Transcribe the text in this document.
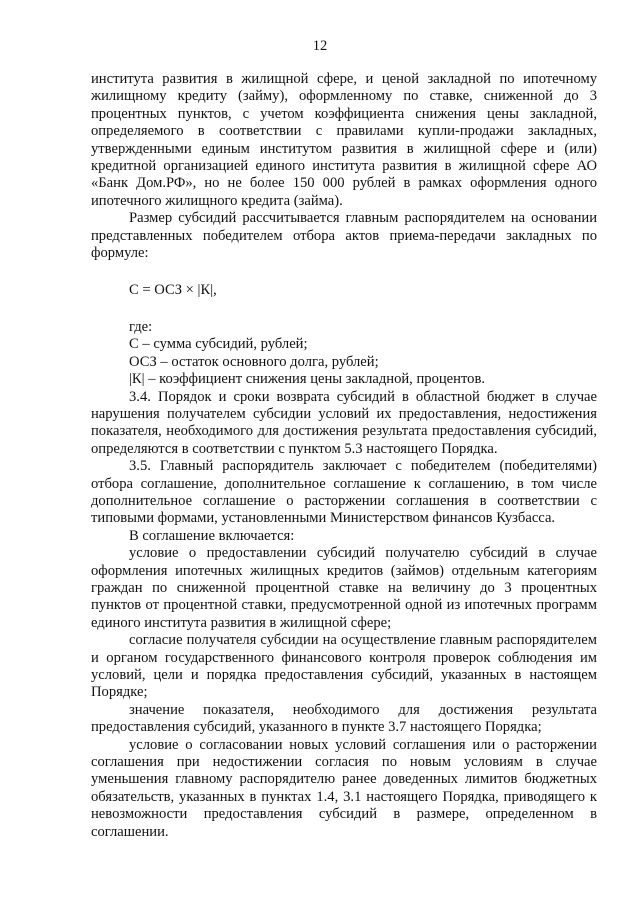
12

института развития в жилищной сфере, и ценой закладной по ипотечному жилищному кредиту (займу), оформленному по ставке, сниженной до 3 процентных пунктов, с учетом коэффициента снижения цены закладной, определяемого в соответствии с правилами купли-продажи закладных, утвержденными единым институтом развития в жилищной сфере и (или) кредитной организацией единого института развития в жилищной сфере АО «Банк Дом.РФ», но не более 150 000 рублей в рамках оформления одного ипотечного жилищного кредита (займа).

Размер субсидий рассчитывается главным распорядителем на основании представленных победителем отбора актов приема-передачи закладных по формуле:

С = ОСЗ × |К|,

где:

С – сумма субсидий, рублей;

ОСЗ – остаток основного долга, рублей;

|К| – коэффициент снижения цены закладной, процентов.

3.4. Порядок и сроки возврата субсидий в областной бюджет в случае нарушения получателем субсидии условий их предоставления, недостижения показателя, необходимого для достижения результата предоставления субсидий, определяются в соответствии с пунктом 5.3 настоящего Порядка.

3.5. Главный распорядитель заключает с победителем (победителями) отбора соглашение, дополнительное соглашение к соглашению, в том числе дополнительное соглашение о расторжении соглашения в соответствии с типовыми формами, установленными Министерством финансов Кузбасса.

В соглашение включается:

условие о предоставлении субсидий получателю субсидий в случае оформления ипотечных жилищных кредитов (займов) отдельным категориям граждан по сниженной процентной ставке на величину до 3 процентных пунктов от процентной ставки, предусмотренной одной из ипотечных программ единого института развития в жилищной сфере;

согласие получателя субсидии на осуществление главным распорядителем и органом государственного финансового контроля проверок соблюдения им условий, цели и порядка предоставления субсидий, указанных в настоящем Порядке;

значение показателя, необходимого для достижения результата предоставления субсидий, указанного в пункте 3.7 настоящего Порядка;

условие о согласовании новых условий соглашения или о расторжении соглашения при недостижении согласия по новым условиям в случае уменьшения главному распорядителю ранее доведенных лимитов бюджетных обязательств, указанных в пунктах 1.4, 3.1 настоящего Порядка, приводящего к невозможности предоставления субсидий в размере, определенном в соглашении.
